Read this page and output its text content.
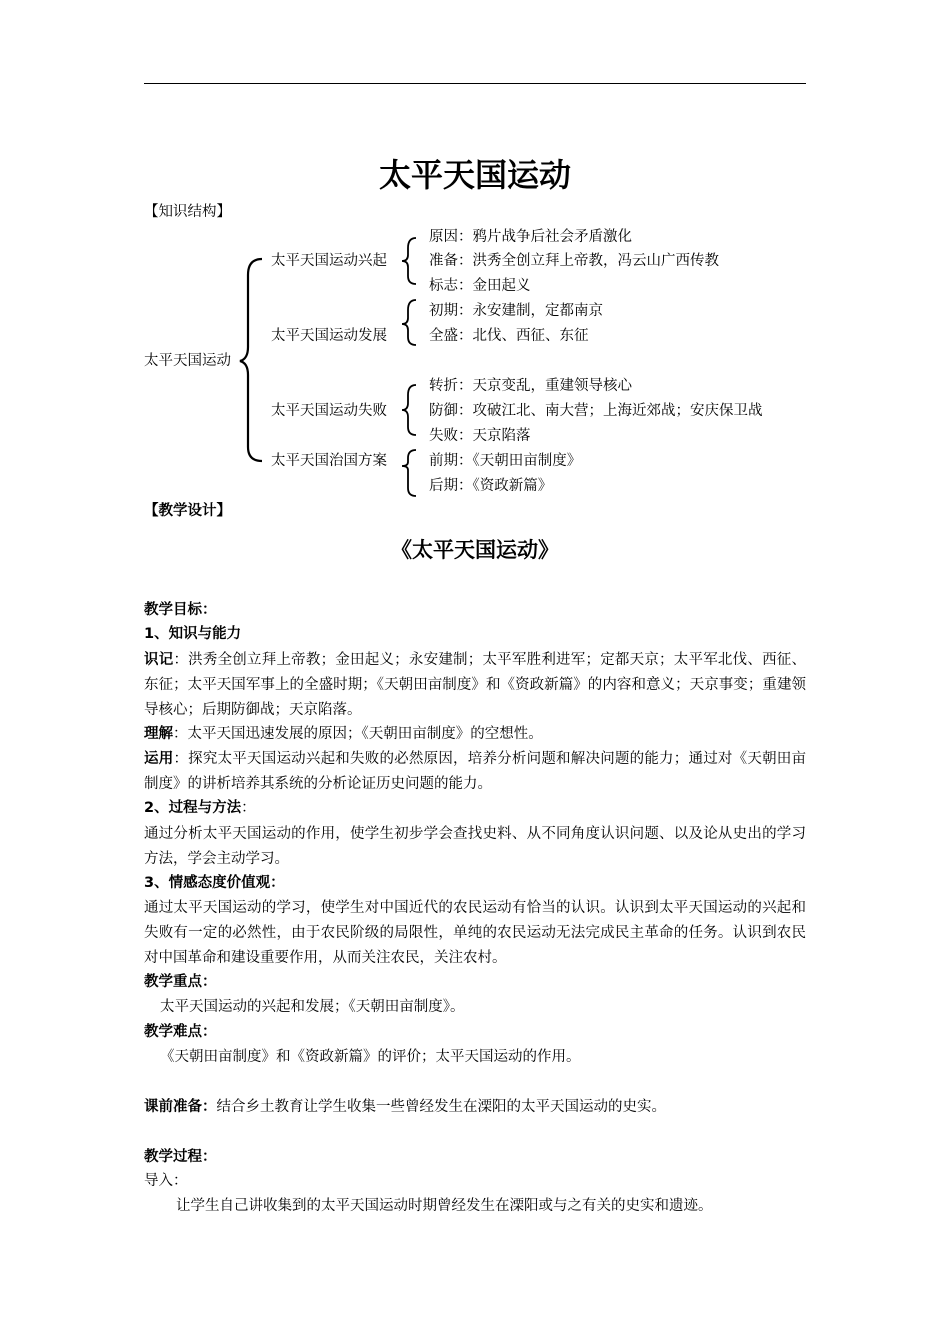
太平天国运动
【知识结构】
太平天国运动
太平天国运动兴起
原因：鸦片战争后社会矛盾激化
准备：洪秀全创立拜上帝教，冯云山广西传教
标志：金田起义
太平天国运动发展
初期：永安建制，定都南京
全盛：北伐、西征、东征
太平天国运动失败
转折：天京变乱，重建领导核心
防御：攻破江北、南大营；上海近郊战；安庆保卫战
失败：天京陷落
太平天国治国方案	前期：《天朝田亩制度》
后期：《资政新篇》
【教学设计】
《太平天国运动》
教学目标：
1、知识与能力
识记：洪秀全创立拜上帝教；金田起义；永安建制；太平军胜利进军；定都天京；太平军北伐、西征、东征；太平天国军事上的全盛时期；《天朝田亩制度》和《资政新篇》的内容和意义；天京事变；重建领导核心；后期防御战；天京陷落。
理解：太平天国迅速发展的原因；《天朝田亩制度》的空想性。
运用：探究太平天国运动兴起和失败的必然原因，培养分析问题和解决问题的能力；通过对《天朝田亩制度》的讲析培养其系统的分析论证历史问题的能力。
2、过程与方法：
通过分析太平天国运动的作用，使学生初步学会查找史料、从不同角度认识问题、以及论从史出的学习方法，学会主动学习。
3、情感态度价值观：
通过太平天国运动的学习，使学生对中国近代的农民运动有恰当的认识。认识到太平天国运动的兴起和失败有一定的必然性，由于农民阶级的局限性，单纯的农民运动无法完成民主革命的任务。认识到农民对中国革命和建设重要作用，从而关注农民，关注农村。
教学重点：
太平天国运动的兴起和发展；《天朝田亩制度》。
教学难点：
《天朝田亩制度》和《资政新篇》的评价；太平天国运动的作用。
课前准备：结合乡土教育让学生收集一些曾经发生在溧阳的太平天国运动的史实。
教学过程：
导入：
让学生自己讲收集到的太平天国运动时期曾经发生在溧阳或与之有关的史实和遗迹。
